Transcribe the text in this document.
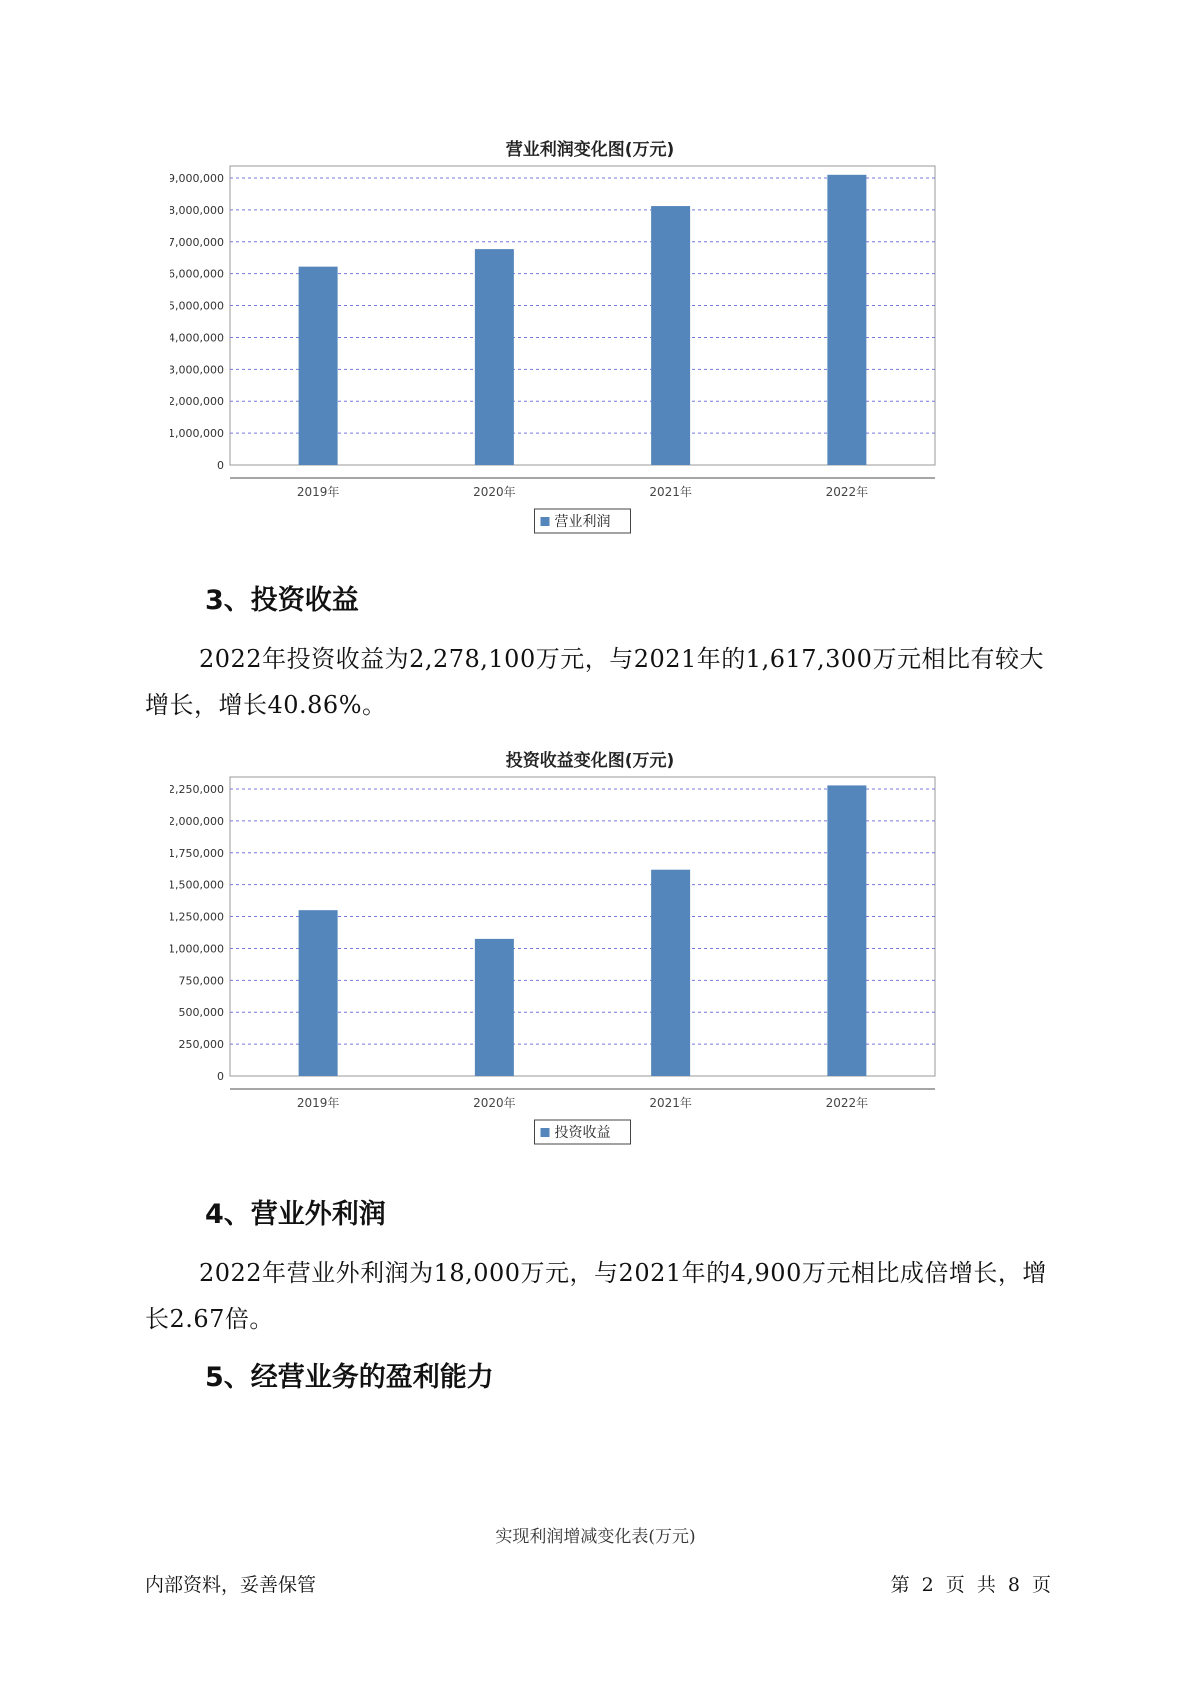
营业利润变化图(万元)

0
1,000,000
2,000,000
3,000,000
4,000,000
5,000,000
6,000,000
7,000,000
8,000,000
9,000,000
2019年	2020年	2021年	2022年
营业利润
3、投资收益

2022年投资收益为2,278,100万元，与2021年的1,617,300万元相比有较大增长，增长40.86%。

投资收益变化图(万元)

0
250,000
500,000
750,000
1,000,000
1,250,000
1,500,000
1,750,000
2,000,000
2,250,000
2019年	2020年	2021年	2022年
投资收益
4、营业外利润

2022年营业外利润为18,000万元，与2021年的4,900万元相比成倍增长，增长2.67倍。

5、经营业务的盈利能力
实现利润增减变化表(万元)
内部资料，妥善保管	第 2 页 共 8 页
